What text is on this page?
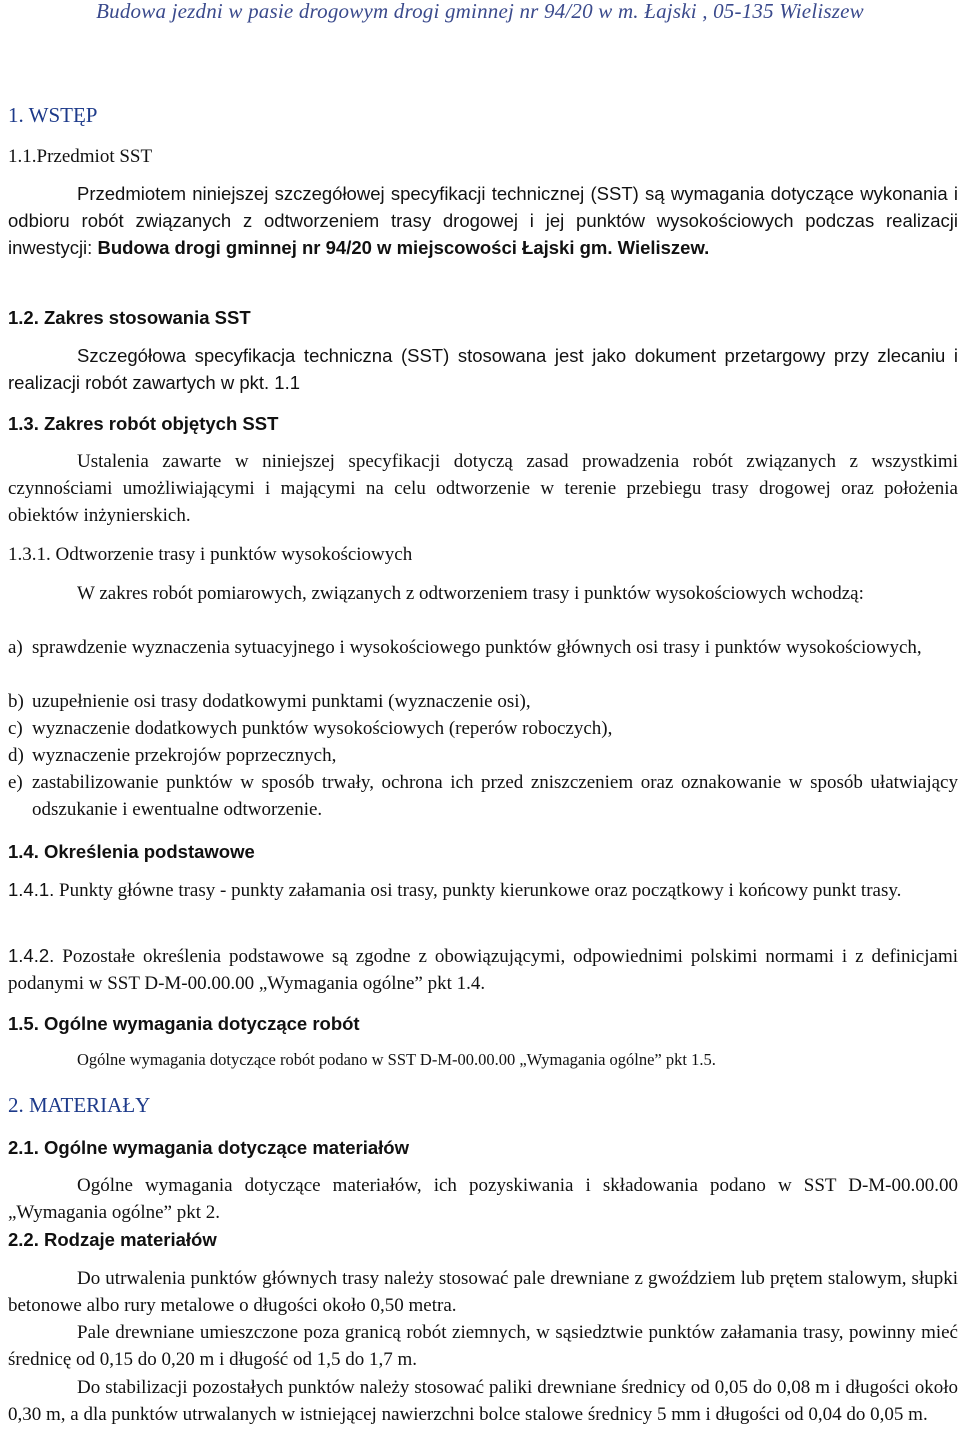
Budowa jezdni w pasie drogowym drogi gminnej nr 94/20 w m. Łajski , 05-135 Wieliszew
1. WSTĘP
1.1.Przedmiot SST
Przedmiotem niniejszej szczegółowej specyfikacji technicznej (SST) są wymagania dotyczące wykonania i odbioru robót związanych z odtworzeniem trasy drogowej i jej punktów wysokościowych podczas realizacji inwestycji: Budowa drogi gminnej nr 94/20 w miejscowości Łajski gm. Wieliszew.
1.2. Zakres stosowania SST
Szczegółowa specyfikacja techniczna (SST) stosowana jest jako dokument przetargowy przy zlecaniu i realizacji robót zawartych w pkt. 1.1
1.3. Zakres robót objętych SST
Ustalenia zawarte w niniejszej specyfikacji dotyczą zasad prowadzenia robót związanych z wszystkimi czynnościami umożliwiającymi i mającymi na celu odtworzenie w terenie przebiegu trasy drogowej oraz położenia obiektów inżynierskich.
1.3.1. Odtworzenie trasy i punktów wysokościowych
W zakres robót pomiarowych, związanych z odtworzeniem trasy i punktów wysokościowych wchodzą:
a) sprawdzenie wyznaczenia sytuacyjnego i wysokościowego punktów głównych osi trasy i punktów wysokościowych,
b) uzupełnienie osi trasy dodatkowymi punktami (wyznaczenie osi),
c) wyznaczenie dodatkowych punktów wysokościowych (reperów roboczych),
d) wyznaczenie przekrojów poprzecznych,
e) zastabilizowanie punktów w sposób trwały, ochrona ich przed zniszczeniem oraz oznakowanie w sposób ułatwiający odszukanie i ewentualne odtworzenie.
1.4. Określenia podstawowe
1.4.1. Punkty główne trasy - punkty załamania osi trasy, punkty kierunkowe oraz początkowy i końcowy punkt trasy.
1.4.2. Pozostałe określenia podstawowe są zgodne z obowiązującymi, odpowiednimi polskimi normami i z definicjami podanymi w SST D-M-00.00.00 „Wymagania ogólne” pkt 1.4.
1.5. Ogólne wymagania dotyczące robót
Ogólne wymagania dotyczące robót podano w SST D-M-00.00.00 „Wymagania ogólne” pkt 1.5.
2. MATERIAŁY
2.1. Ogólne wymagania dotyczące materiałów
Ogólne wymagania dotyczące materiałów, ich pozyskiwania i składowania podano w SST D-M-00.00.00 „Wymagania ogólne” pkt 2.
2.2. Rodzaje materiałów
Do utrwalenia punktów głównych trasy należy stosować pale drewniane z gwoździem lub prętem stalowym, słupki betonowe albo rury metalowe o długości około 0,50 metra.
Pale drewniane umieszczone poza granicą robót ziemnych, w sąsiedztwie punktów załamania trasy, powinny mieć średnicę od 0,15 do 0,20 m i długość od 1,5 do 1,7 m.
Do stabilizacji pozostałych punktów należy stosować paliki drewniane średnicy od 0,05 do 0,08 m i długości około 0,30 m, a dla punktów utrwalanych w istniejącej nawierzchni bolce stalowe średnicy 5 mm i długości od 0,04 do 0,05 m.
